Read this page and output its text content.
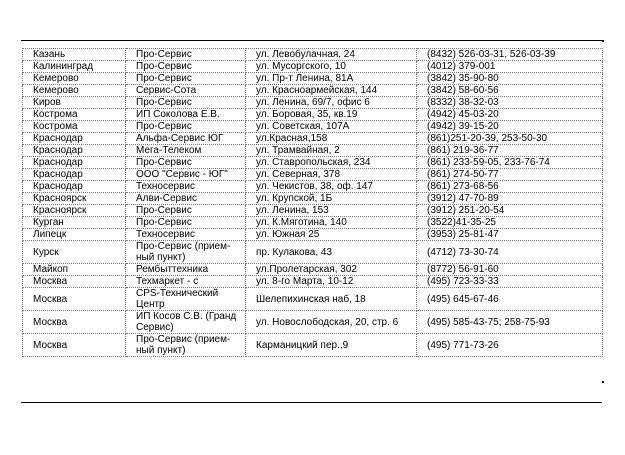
Казань	Про-Сервис	ул. Левобулачная, 24	(8432) 526-03-31, 526-03-39
Калининград	Про-Сервис	ул. Мусоргского, 10	(4012) 379-001
Кемерово	Про-Сервис	ул. Пр-т Ленина, 81А	(3842) 35-90-80
Кемерово	Сервис-Сота	ул. Красноармейская, 144	(3842) 58-60-56
Киров	Про-Сервис	ул. Ленина, 69/7, офис 6	(8332) 38-32-03
Кострома	ИП Соколова Е.В.	ул. Боровая, 35, кв.19	(4942) 45-03-20
Кострома	Про-Сервис	ул. Советская, 107А	(4942) 39-15-20
Краснодар	Альфа-Сервис ЮГ	ул.Красная,158	(861)251-20-39, 253-50-30
Краснодар	Мега-Телеком	ул. Трамвайная, 2	(861) 219-36-77
Краснодар	Про-Сервис	ул. Ставропольская, 234	(861) 233-59-05, 233-76-74
Краснодар	ООО "Сервис - ЮГ"	ул. Северная, 378	(861) 274-50-77
Краснодар	Техносервис	ул. Чекистов, 38, оф. 147	(861) 273-68-56
Красноярск	Алви-Сервис	ул. Крупской, 1Б	(3912) 47-70-89
Красноярск	Про-Сервис	ул. Ленина, 153	(3912) 251-20-54
Курган	Про-Сервис	ул. К.Мяготина, 140	(3522)41-35-25
Липецк	Техносервис	ул. Южная 25	(3953) 25-81-47
Курск	Про-Сервис (прием-ный пункт)	пр. Кулакова, 43	(4712) 73-30-74
Майкоп	Рембыттехника	ул.Пролетарская, 302	(8772) 56-91-60
Москва	Техмаркет - с	ул. 8-го Марта, 10-12	(495) 723-33-33
Москва	CPS-Технический Центр	Шелепихинская наб, 18	(495) 645-67-46
Москва	ИП Косов С.В. (Гранд Сервис)	ул. Новослободская, 20, стр. 6	(495) 585-43-75; 258-75-93
Москва	Про-Сервис (прием-ный пункт)	Карманицкий пер.,9	(495) 771-73-26
